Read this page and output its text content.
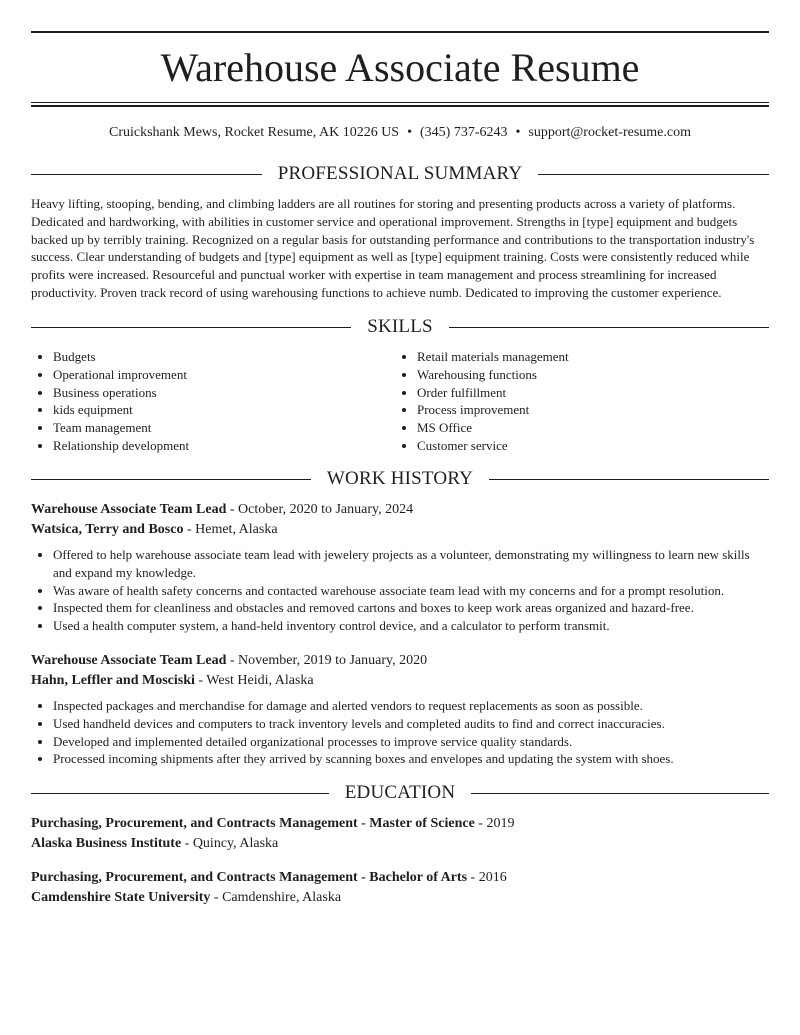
Warehouse Associate Resume
Cruickshank Mews, Rocket Resume, AK 10226 US • (345) 737-6243 • support@rocket-resume.com
PROFESSIONAL SUMMARY

Heavy lifting, stooping, bending, and climbing ladders are all routines for storing and presenting products across a variety of platforms. Dedicated and hardworking, with abilities in customer service and operational improvement. Strengths in [type] equipment and budgets backed up by terribly training. Recognized on a regular basis for outstanding performance and contributions to the transportation industry's success. Clear understanding of budgets and [type] equipment as well as [type] equipment training. Costs were consistently reduced while profits were increased. Resourceful and punctual worker with expertise in team management and process streamlining for increased productivity. Proven track record of using warehousing functions to achieve numb. Dedicated to improving the customer experience.

SKILLS
• Budgets
• Operational improvement
• Business operations
• kids equipment
• Team management
• Relationship development
• Retail materials management
• Warehousing functions
• Order fulfillment
• Process improvement
• MS Office
• Customer service
WORK HISTORY
Warehouse Associate Team Lead - October, 2020 to January, 2024
Watsica, Terry and Bosco - Hemet, Alaska
• Offered to help warehouse associate team lead with jewelery projects as a volunteer, demonstrating my willingness to learn new skills and expand my knowledge.
• Was aware of health safety concerns and contacted warehouse associate team lead with my concerns and for a prompt resolution.
• Inspected them for cleanliness and obstacles and removed cartons and boxes to keep work areas organized and hazard-free.
• Used a health computer system, a hand-held inventory control device, and a calculator to perform transmit.
Warehouse Associate Team Lead - November, 2019 to January, 2020
Hahn, Leffler and Mosciski - West Heidi, Alaska
• Inspected packages and merchandise for damage and alerted vendors to request replacements as soon as possible.
• Used handheld devices and computers to track inventory levels and completed audits to find and correct inaccuracies.
• Developed and implemented detailed organizational processes to improve service quality standards.
• Processed incoming shipments after they arrived by scanning boxes and envelopes and updating the system with shoes.
EDUCATION
Purchasing, Procurement, and Contracts Management - Master of Science - 2019
Alaska Business Institute - Quincy, Alaska
Purchasing, Procurement, and Contracts Management - Bachelor of Arts - 2016
Camdenshire State University - Camdenshire, Alaska
